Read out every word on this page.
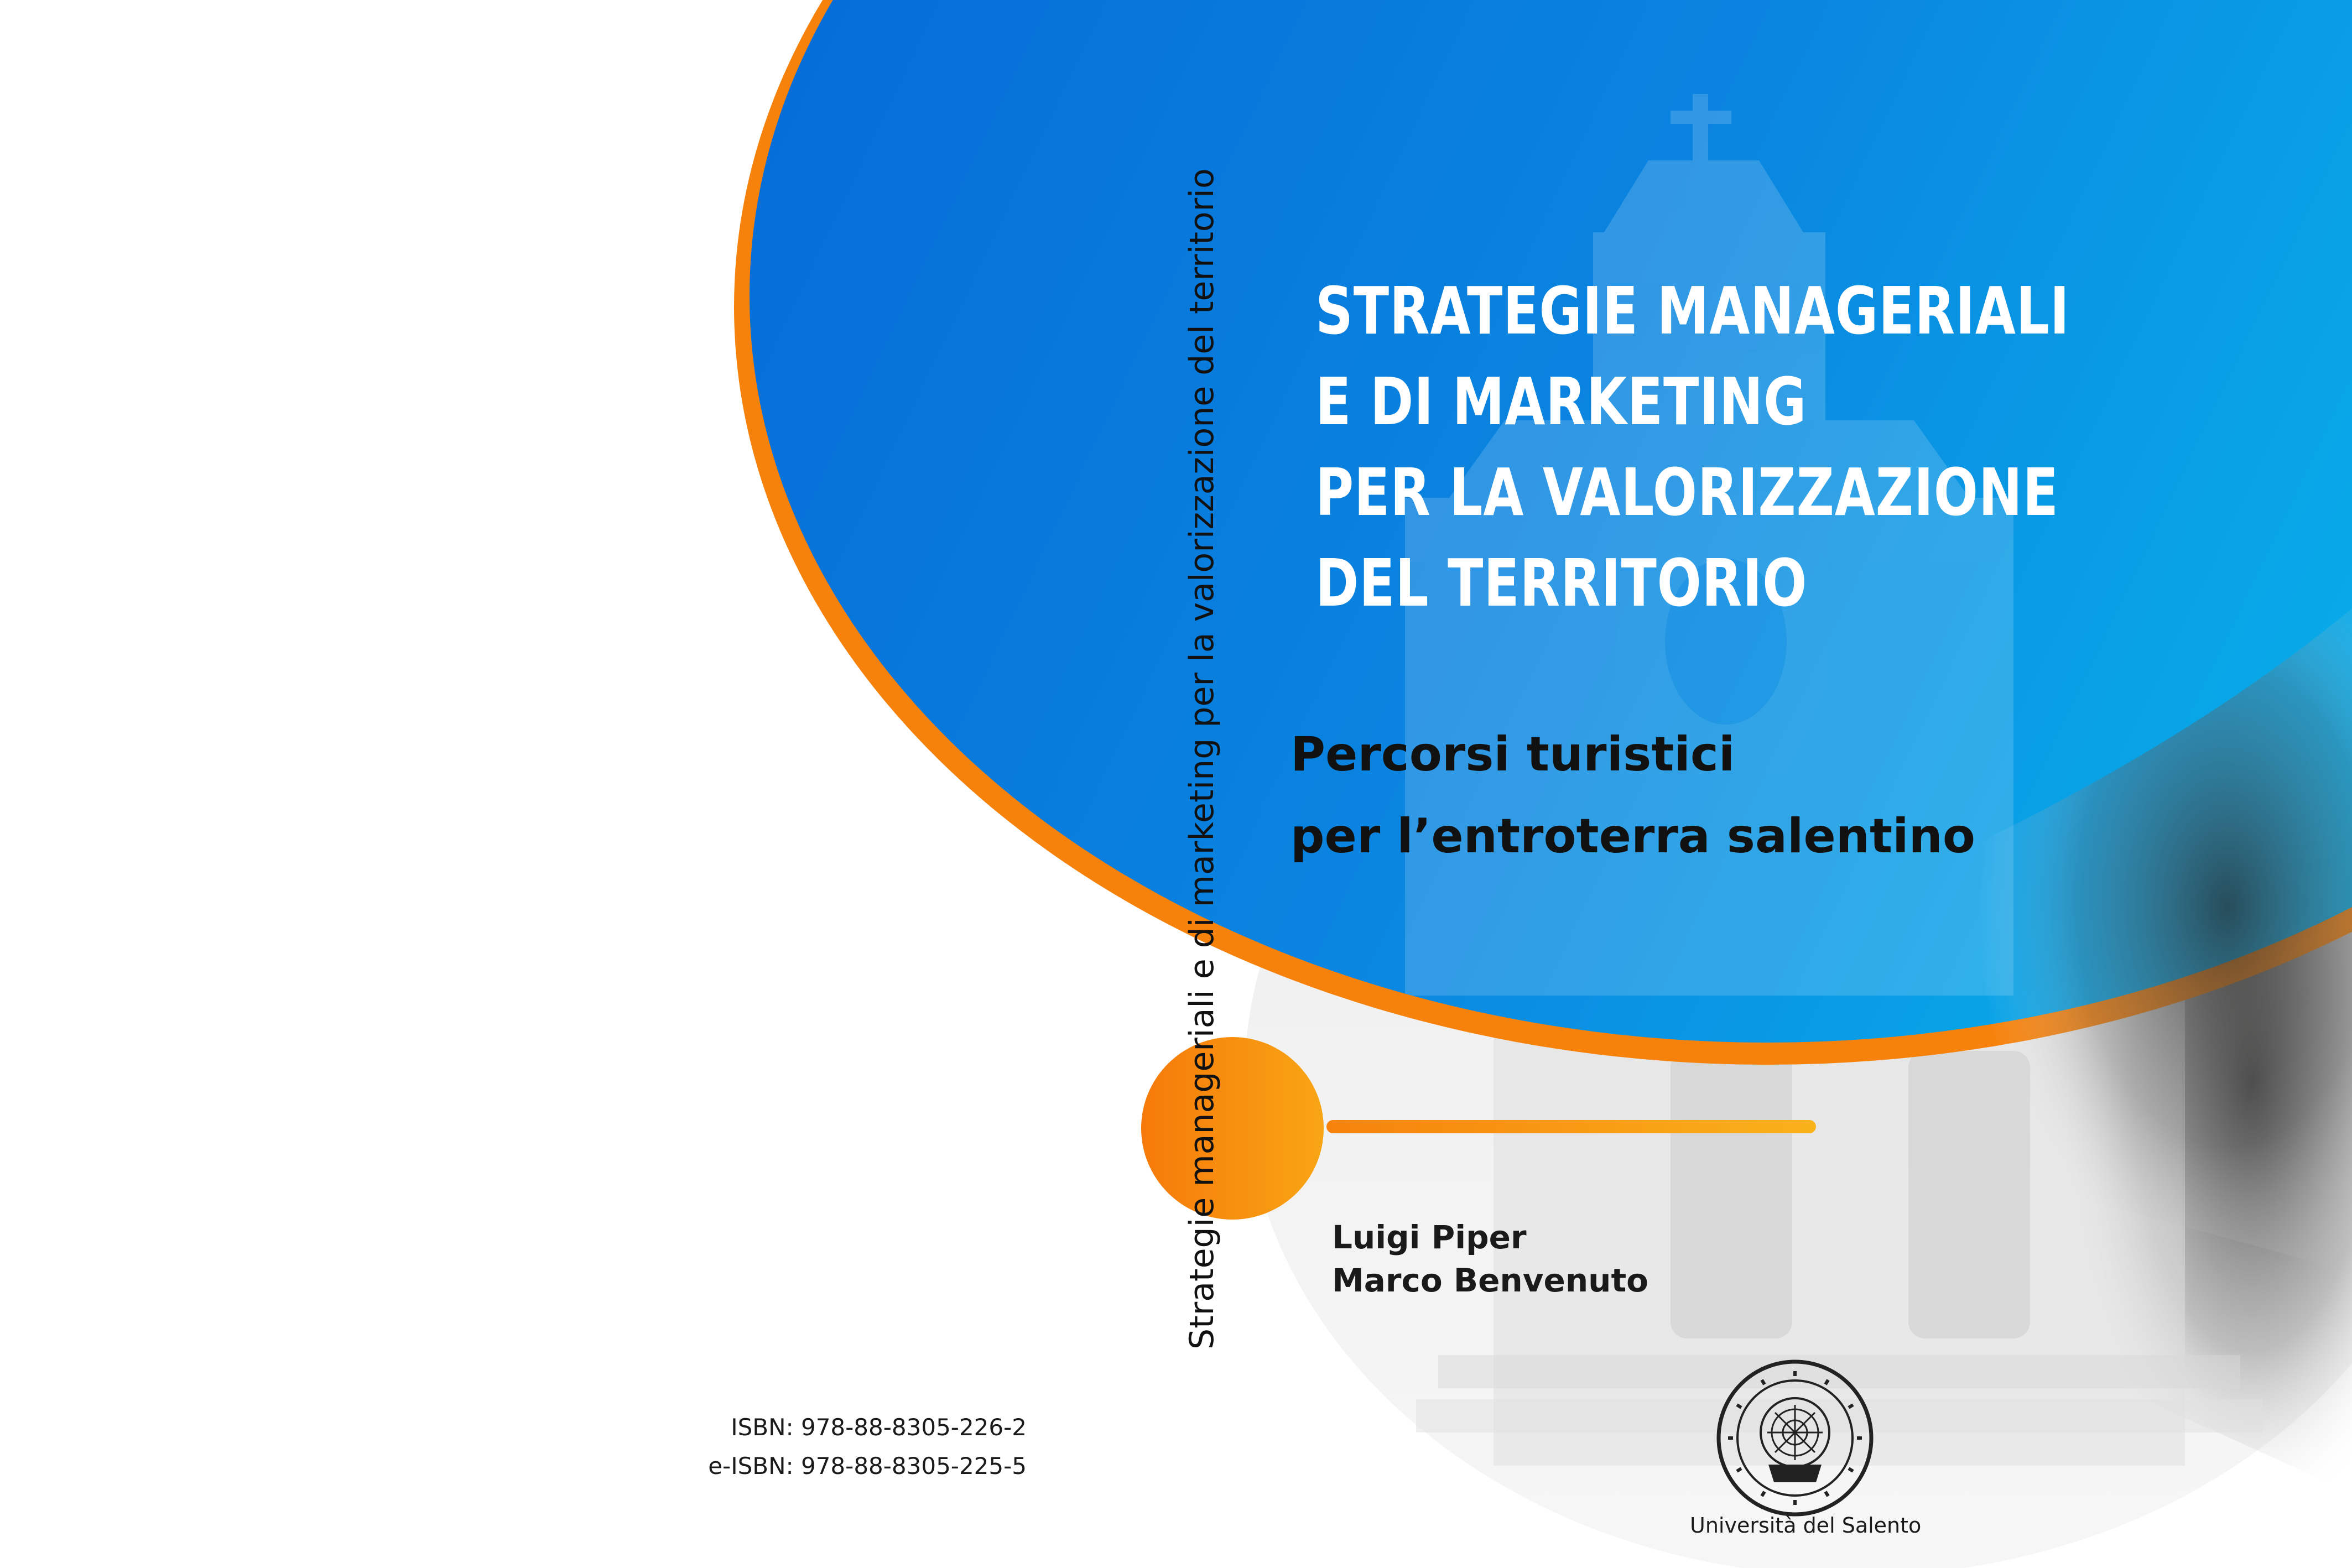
STRATEGIE MANAGERIALI
E DI MARKETING
PER LA VALORIZZAZIONE
DEL TERRITORIO
Percorsi turistici
per l’entroterra salentino
Strategie manageriali e di marketing per la valorizzazione del territorio	Luigi Piper
Marco Benvenuto
ISBN: 978-88-8305-226-2
e-ISBN: 978-88-8305-225-5
Università del Salento
